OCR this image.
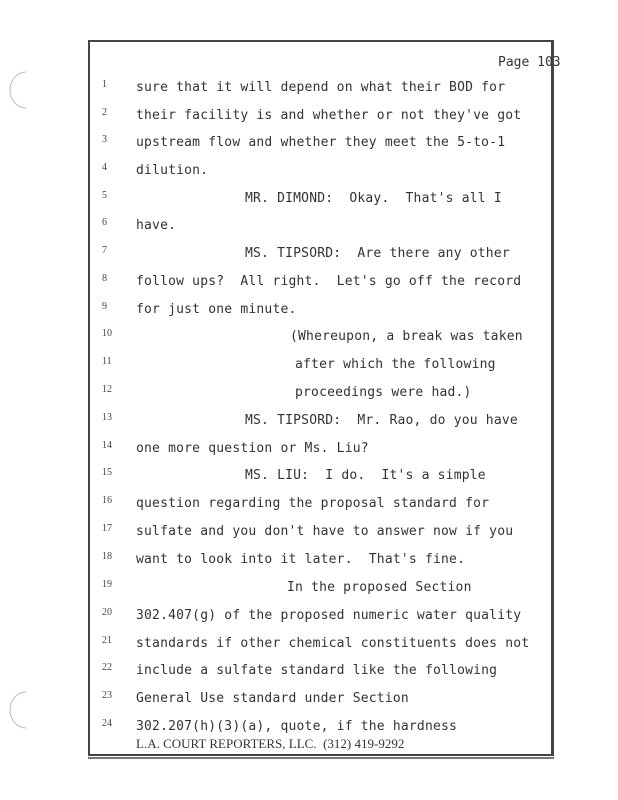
Page 103
1	sure that it will depend on what their BOD for
2	their facility is and whether or not they've got
3	upstream flow and whether they meet the 5-to-1
4	dilution.
5	MR. DIMOND:  Okay.  That's all I
6	have.
7	MS. TIPSORD:  Are there any other
8	follow ups?  All right.  Let's go off the record
9	for just one minute.
10	(Whereupon, a break was taken
11	after which the following
12	proceedings were had.)
13	MS. TIPSORD:  Mr. Rao, do you have
14	one more question or Ms. Liu?
15	MS. LIU:  I do.  It's a simple
16	question regarding the proposal standard for
17	sulfate and you don't have to answer now if you
18	want to look into it later.  That's fine.
19	In the proposed Section
20	302.407(g) of the proposed numeric water quality
21	standards if other chemical constituents does not
22	include a sulfate standard like the following
23	General Use standard under Section
24	302.207(h)(3)(a), quote, if the hardness
L.A. COURT REPORTERS, LLC.  (312) 419-9292
